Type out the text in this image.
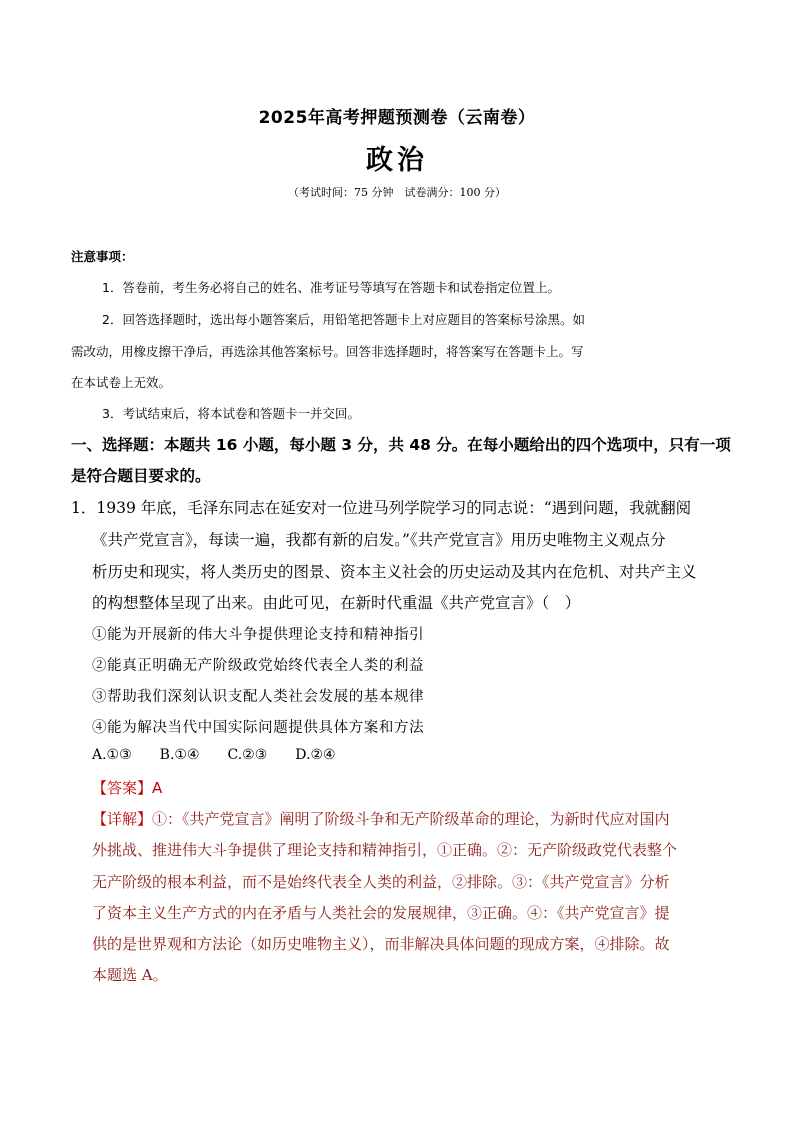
2025年高考押题预测卷（云南卷）
政治
（考试时间：75 分钟　试卷满分：100 分）
注意事项：
1．答卷前，考生务必将自己的姓名、准考证号等填写在答题卡和试卷指定位置上。
2．回答选择题时，选出每小题答案后，用铅笔把答题卡上对应题目的答案标号涂黑。如
需改动，用橡皮擦干净后，再选涂其他答案标号。回答非选择题时，将答案写在答题卡上。写
在本试卷上无效。
3．考试结束后，将本试卷和答题卡一并交回。
一、选择题：本题共 16 小题，每小题 3 分，共 48 分。在每小题给出的四个选项中，只有一项
是符合题目要求的。
1．1939 年底，毛泽东同志在延安对一位进马列学院学习的同志说：“遇到问题，我就翻阅
《共产党宣言》，每读一遍，我都有新的启发。”《共产党宣言》用历史唯物主义观点分
析历史和现实，将人类历史的图景、资本主义社会的历史运动及其内在危机、对共产主义
的构想整体呈现了出来。由此可见，在新时代重温《共产党宣言》（　）
①能为开展新的伟大斗争提供理论支持和精神指引
②能真正明确无产阶级政党始终代表全人类的利益
③帮助我们深刻认识支配人类社会发展的基本规律
④能为解决当代中国实际问题提供具体方案和方法
A.①③ B.①④ C.②③ D.②④
【答案】A
【详解】①：《共产党宣言》阐明了阶级斗争和无产阶级革命的理论，为新时代应对国内
外挑战、推进伟大斗争提供了理论支持和精神指引，①正确。②：无产阶级政党代表整个
无产阶级的根本利益，而不是始终代表全人类的利益，②排除。③：《共产党宣言》分析
了资本主义生产方式的内在矛盾与人类社会的发展规律，③正确。④：《共产党宣言》提
供的是世界观和方法论（如历史唯物主义），而非解决具体问题的现成方案，④排除。故
本题选 A。
